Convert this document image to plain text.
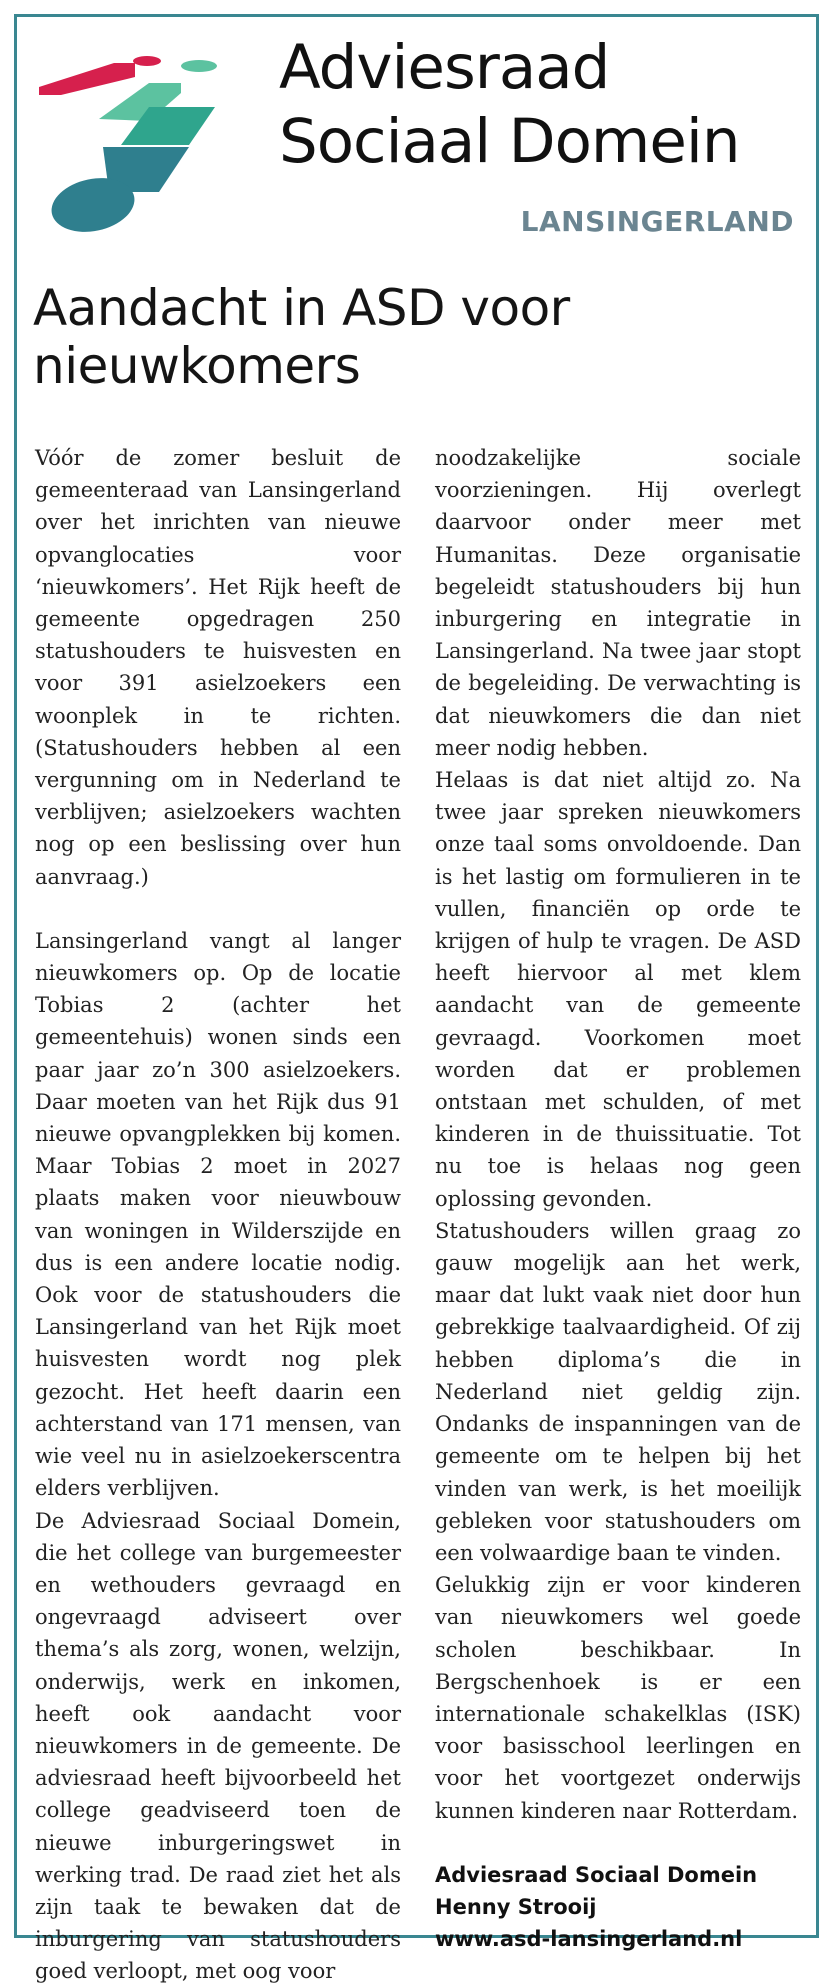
Adviesraad
Sociaal Domein
LANSINGERLAND
Aandacht in ASD voor nieuwkomers

Vóór de zomer besluit de gemeenteraad van Lansingerland over het inrichten van nieuwe opvanglocaties voor ‘nieuwkomers’. Het Rijk heeft de gemeente opgedragen 250 statushouders te huisvesten en voor 391 asielzoekers een woonplek in te richten. (Statushouders hebben al een vergunning om in Nederland te verblijven; asielzoekers wachten nog op een beslissing over hun aanvraag.)

Lansingerland vangt al langer nieuwkomers op. Op de locatie Tobias 2 (achter het gemeentehuis) wonen sinds een paar jaar zo’n 300 asielzoekers. Daar moeten van het Rijk dus 91 nieuwe opvangplekken bij komen. Maar Tobias 2 moet in 2027 plaats maken voor nieuwbouw van woningen in Wilderszijde en dus is een andere locatie nodig. Ook voor de statushouders die Lansingerland van het Rijk moet huisvesten wordt nog plek gezocht. Het heeft daarin een achterstand van 171 mensen, van wie veel nu in asielzoekerscentra elders verblijven.

De Adviesraad Sociaal Domein, die het college van burgemeester en wethouders gevraagd en ongevraagd adviseert over thema’s als zorg, wonen, welzijn, onderwijs, werk en inkomen, heeft ook aandacht voor nieuwkomers in de gemeente. De adviesraad heeft bijvoorbeeld het college geadviseerd toen de nieuwe inburgeringswet in werking trad. De raad ziet het als zijn taak te bewaken dat de inburgering van statushouders goed verloopt, met oog voor

noodzakelijke sociale voorzieningen. Hij overlegt daarvoor onder meer met Humanitas. Deze organisatie begeleidt statushouders bij hun inburgering en integratie in Lansingerland. Na twee jaar stopt de begeleiding. De verwachting is dat nieuwkomers die dan niet meer nodig hebben.

Helaas is dat niet altijd zo. Na twee jaar spreken nieuwkomers onze taal soms onvoldoende. Dan is het lastig om formulieren in te vullen, financiën op orde te krijgen of hulp te vragen. De ASD heeft hiervoor al met klem aandacht van de gemeente gevraagd. Voorkomen moet worden dat er problemen ontstaan met schulden, of met kinderen in de thuissituatie. Tot nu toe is helaas nog geen oplossing gevonden.

Statushouders willen graag zo gauw mogelijk aan het werk, maar dat lukt vaak niet door hun gebrekkige taalvaardigheid. Of zij hebben diploma’s die in Nederland niet geldig zijn. Ondanks de inspanningen van de gemeente om te helpen bij het vinden van werk, is het moeilijk gebleken voor statushouders om een volwaardige baan te vinden.

Gelukkig zijn er voor kinderen van nieuwkomers wel goede scholen beschikbaar. In Bergschenhoek is er een internationale schakelklas (ISK) voor basisschool leerlingen en voor het voortgezet onderwijs kunnen kinderen naar Rotterdam.

Adviesraad Sociaal Domein
Henny Strooij
www.asd-lansingerland.nl
